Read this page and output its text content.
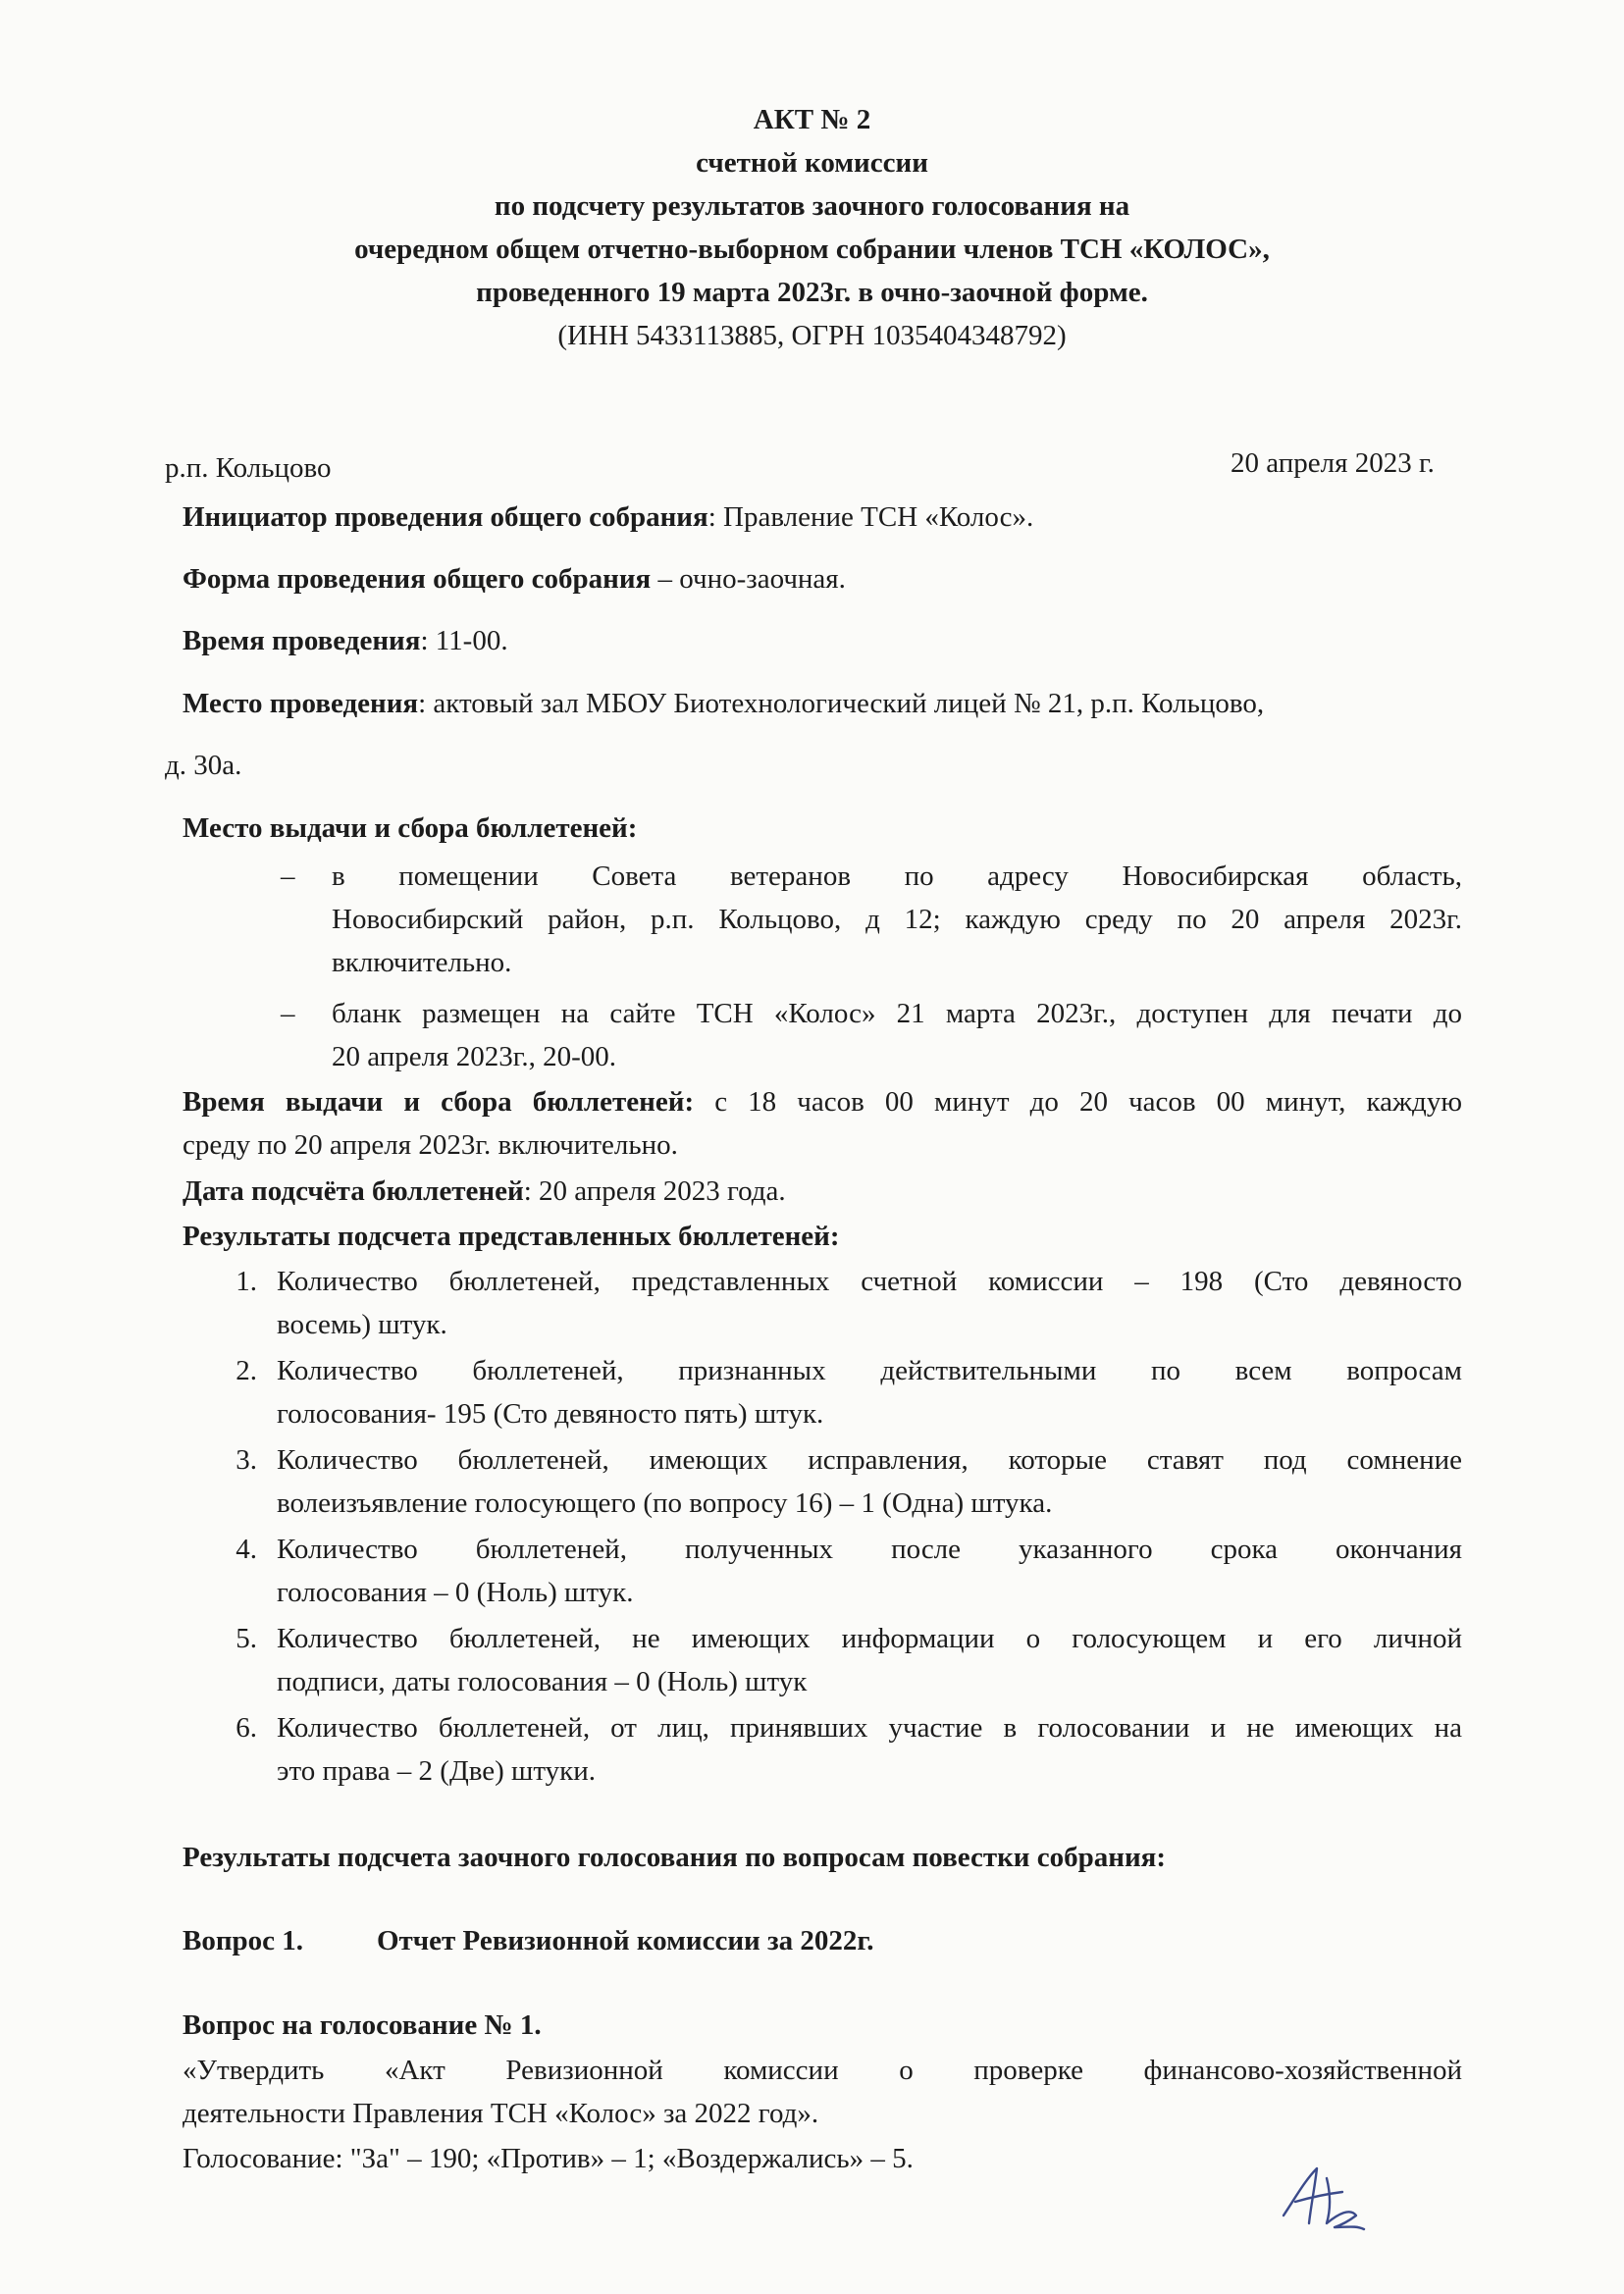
АКТ № 2
счетной комиссии
по подсчету результатов заочного голосования на
очередном общем отчетно-выборном собрании членов ТСН «КОЛОС»,
проведенного 19 марта 2023г. в очно-заочной форме.
(ИНН 5433113885, ОГРН 1035404348792)
р.п. Кольцово	20 апреля 2023 г.
Инициатор проведения общего собрания: Правление ТСН «Колос».
Форма проведения общего собрания – очно-заочная.
Время проведения: 11-00.
Место проведения: актовый зал МБОУ Биотехнологический лицей № 21, р.п. Кольцово,
д. 30а.
Место выдачи и сбора бюллетеней:
– в помещении Совета ветеранов по адресу Новосибирская область,
Новосибирский район, р.п. Кольцово, д 12; каждую среду по 20 апреля 2023г.
включительно.
– бланк размещен на сайте ТСН «Колос» 21 марта 2023г., доступен для печати до
20 апреля 2023г., 20-00.
Время выдачи и сбора бюллетеней: с 18 часов 00 минут до 20 часов 00 минут, каждую
среду по 20 апреля 2023г. включительно.
Дата подсчёта бюллетеней: 20 апреля 2023 года.
Результаты подсчета представленных бюллетеней:
1. Количество бюллетеней, представленных счетной комиссии – 198 (Сто девяносто
восемь) штук.
2. Количество бюллетеней, признанных действительными по всем вопросам
голосования- 195 (Сто девяносто пять) штук.
3. Количество бюллетеней, имеющих исправления, которые ставят под сомнение
волеизъявление голосующего (по вопросу 16) – 1 (Одна) штука.
4. Количество бюллетеней, полученных после указанного срока окончания
голосования – 0 (Ноль) штук.
5. Количество бюллетеней, не имеющих информации о голосующем и его личной
подписи, даты голосования – 0 (Ноль) штук
6. Количество бюллетеней, от лиц, принявших участие в голосовании и не имеющих на
это права – 2 (Две) штуки.
Результаты подсчета заочного голосования по вопросам повестки собрания:
Вопрос 1.	Отчет Ревизионной комиссии за 2022г.
Вопрос на голосование № 1.
«Утвердить «Акт Ревизионной комиссии о проверке финансово-хозяйственной
деятельности Правления ТСН «Колос» за 2022 год».
Голосование: "За" – 190; «Против» – 1; «Воздержались» – 5.
